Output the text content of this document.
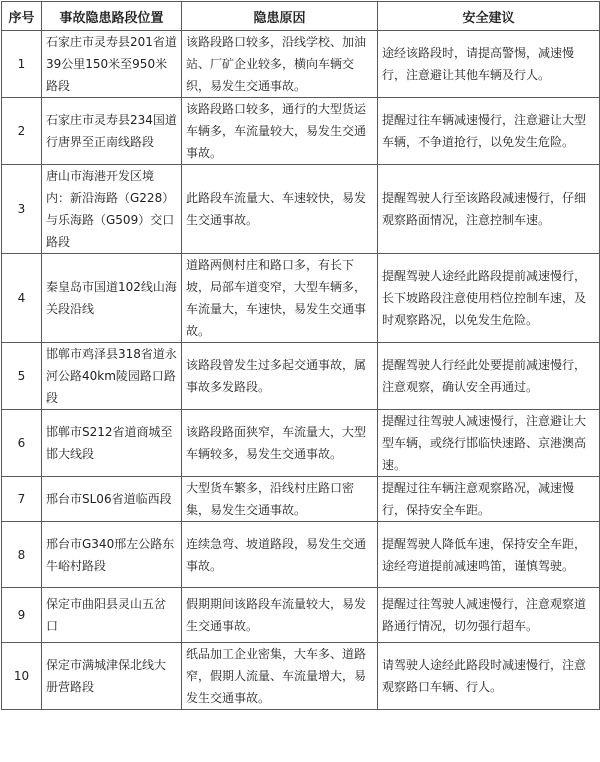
序号	事故隐患路段位置	隐患原因	安全建议
1	石家庄市灵寿县201省道39公里150米至950米路段	该路段路口较多，沿线学校、加油站、厂矿企业较多，横向车辆交织，易发生交通事故。	途经该路段时，请提高警惕，减速慢行，注意避让其他车辆及行人。
2	石家庄市灵寿县234国道行唐界至正南线路段	该路段路口较多，通行的大型货运车辆多，车流量较大，易发生交通事故。	提醒过往车辆减速慢行，注意避让大型车辆，不争道抢行，以免发生危险。
3	唐山市海港开发区境内：新沿海路（G228）与乐海路（G509）交口路段	此路段车流量大、车速较快，易发生交通事故。	提醒驾驶人行至该路段减速慢行，仔细观察路面情况，注意控制车速。
4	秦皇岛市国道102线山海关段沿线	道路两侧村庄和路口多，有长下坡，局部车道变窄，大型车辆多，车流量大，车速快，易发生交通事故。	提醒驾驶人途经此路段提前减速慢行，长下坡路段注意使用档位控制车速，及时观察路况，以免发生危险。
5	邯郸市鸡泽县318省道永河公路40km陵园路口路段	该路段曾发生过多起交通事故，属事故多发路段。	提醒驾驶人行经此处要提前减速慢行，注意观察，确认安全再通过。
6	邯郸市S212省道商城至邯大线段	该路段路面狭窄，车流量大，大型车辆较多，易发生交通事故。	提醒过往驾驶人减速慢行，注意避让大型车辆，或绕行邯临快速路、京港澳高速。
7	邢台市SL06省道临西段	大型货车繁多，沿线村庄路口密集，易发生交通事故。	提醒过往车辆注意观察路况，减速慢行，保持安全车距。
8	邢台市G340邢左公路东牛峪村路段	连续急弯、坡道路段，易发生交通事故。	提醒驾驶人降低车速，保持安全车距，途经弯道提前减速鸣笛，谨慎驾驶。
9	保定市曲阳县灵山五岔口	假期期间该路段车流量较大，易发生交通事故。	提醒过往驾驶人减速慢行，注意观察道路通行情况，切勿强行超车。
10	保定市满城津保北线大册营路段	纸品加工企业密集，大车多、道路窄，假期人流量、车流量增大，易发生交通事故。	请驾驶人途经此路段时减速慢行，注意观察路口车辆、行人。
